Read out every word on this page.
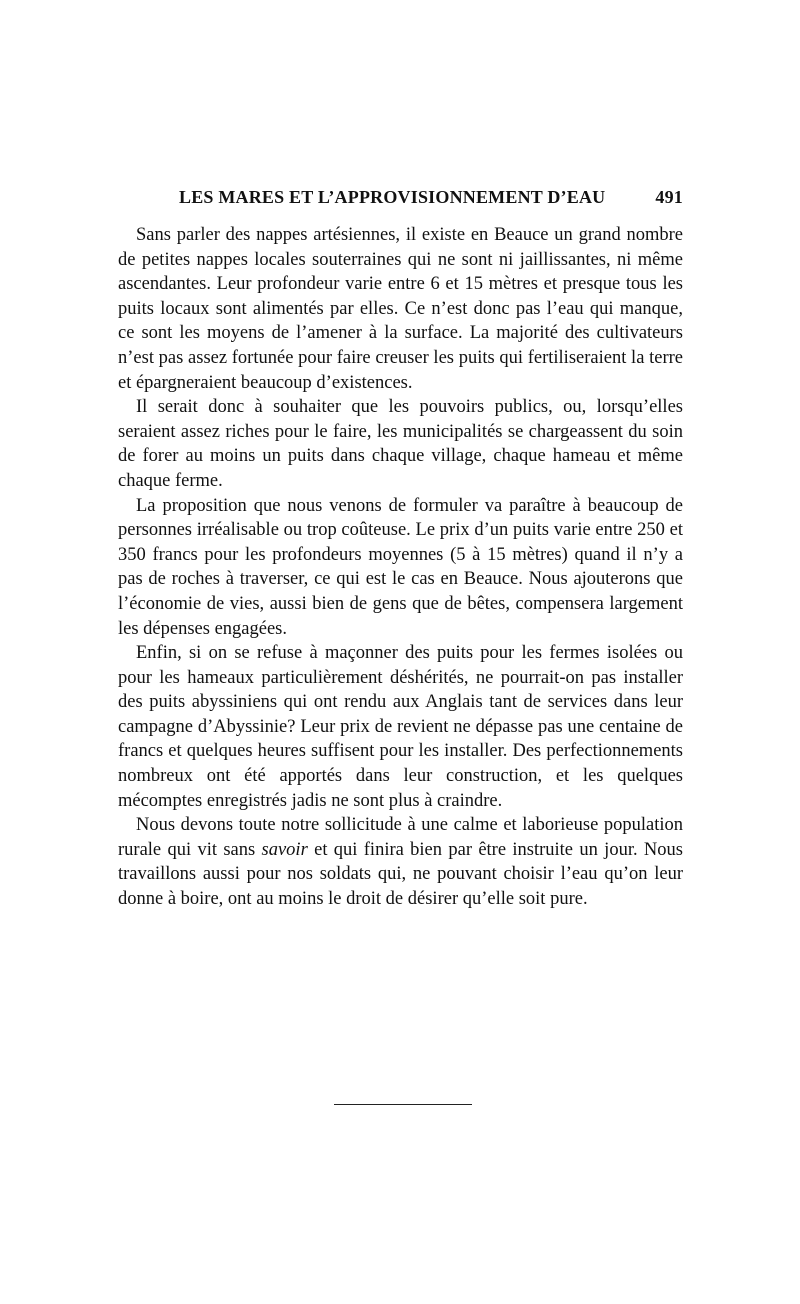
LES MARES ET L’APPROVISIONNEMENT D’EAU	491

Sans parler des nappes artésiennes, il existe en Beauce un grand nombre de petites nappes locales souterraines qui ne sont ni jaillissantes, ni même ascendantes. Leur profondeur varie entre 6 et 15 mètres et presque tous les puits locaux sont alimentés par elles. Ce n’est donc pas l’eau qui manque, ce sont les moyens de l’amener à la surface. La majorité des cultivateurs n’est pas assez fortunée pour faire creuser les puits qui fertiliseraient la terre et épargneraient beaucoup d’existences.

Il serait donc à souhaiter que les pouvoirs publics, ou, lorsqu’elles seraient assez riches pour le faire, les municipalités se chargeassent du soin de forer au moins un puits dans chaque village, chaque hameau et même chaque ferme.

La proposition que nous venons de formuler va paraître à beaucoup de personnes irréalisable ou trop coûteuse. Le prix d’un puits varie entre 250 et 350 francs pour les profondeurs moyennes (5 à 15 mètres) quand il n’y a pas de roches à traverser, ce qui est le cas en Beauce. Nous ajouterons que l’économie de vies, aussi bien de gens que de bêtes, compensera largement les dépenses engagées.

Enfin, si on se refuse à maçonner des puits pour les fermes isolées ou pour les hameaux particulièrement déshérités, ne pourrait-on pas installer des puits abyssiniens qui ont rendu aux Anglais tant de services dans leur campagne d’Abyssinie? Leur prix de revient ne dépasse pas une centaine de francs et quelques heures suffisent pour les installer. Des perfectionnements nombreux ont été apportés dans leur construction, et les quelques mécomptes enregistrés jadis ne sont plus à craindre.

Nous devons toute notre sollicitude à une calme et laborieuse population rurale qui vit sans savoir et qui finira bien par être instruite un jour. Nous travaillons aussi pour nos soldats qui, ne pouvant choisir l’eau qu’on leur donne à boire, ont au moins le droit de désirer qu’elle soit pure.
